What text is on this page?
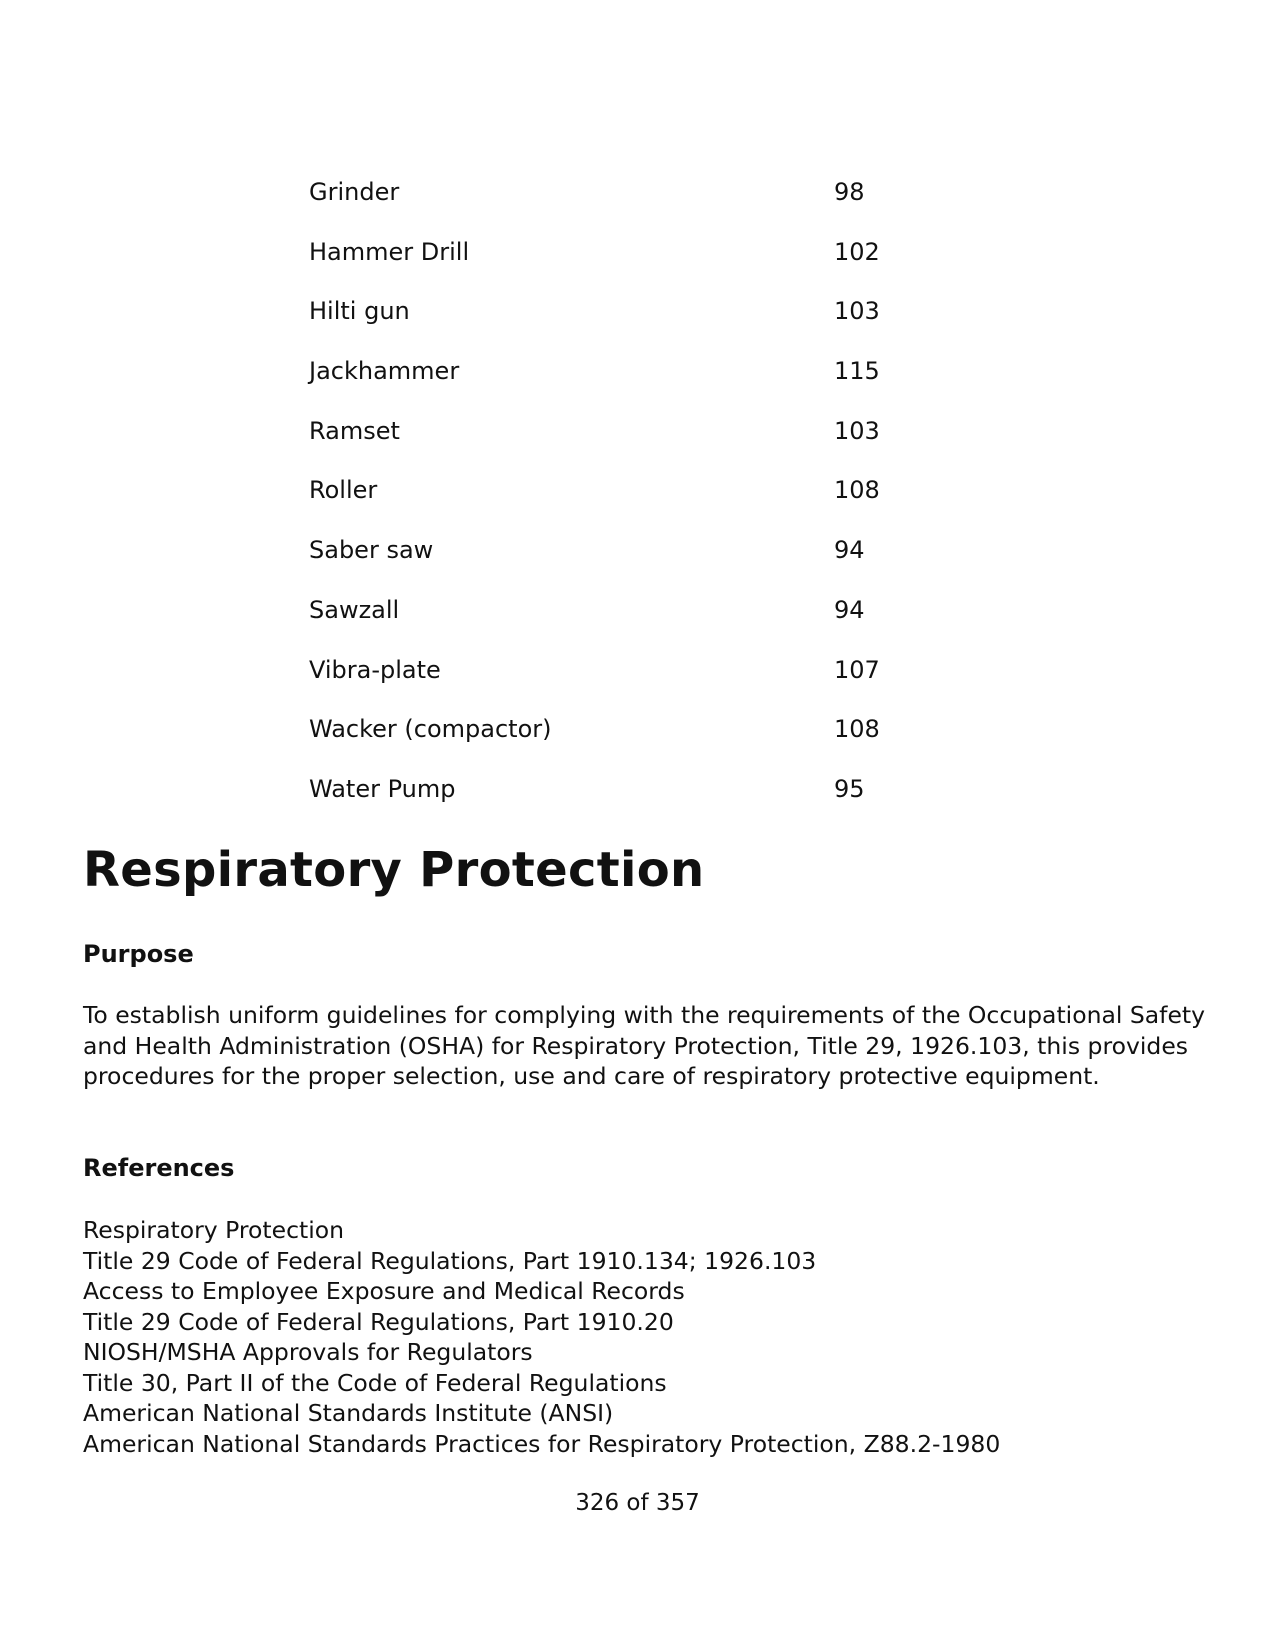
Grinder	98
Hammer Drill	102
Hilti gun	103
Jackhammer	115
Ramset	103
Roller	108
Saber saw	94
Sawzall	94
Vibra-plate	107
Wacker (compactor)	108
Water Pump	95
Respiratory Protection
Purpose

To establish uniform guidelines for complying with the requirements of the Occupational Safety and Health Administration (OSHA) for Respiratory Protection, Title 29, 1926.103, this provides procedures for the proper selection, use and care of respiratory protective equipment.

References
Respiratory Protection
Title 29 Code of Federal Regulations, Part 1910.134; 1926.103
Access to Employee Exposure and Medical Records
Title 29 Code of Federal Regulations, Part 1910.20
NIOSH/MSHA Approvals for Regulators
Title 30, Part II of the Code of Federal Regulations
American National Standards Institute (ANSI)
American National Standards Practices for Respiratory Protection, Z88.2-1980
326 of 357
